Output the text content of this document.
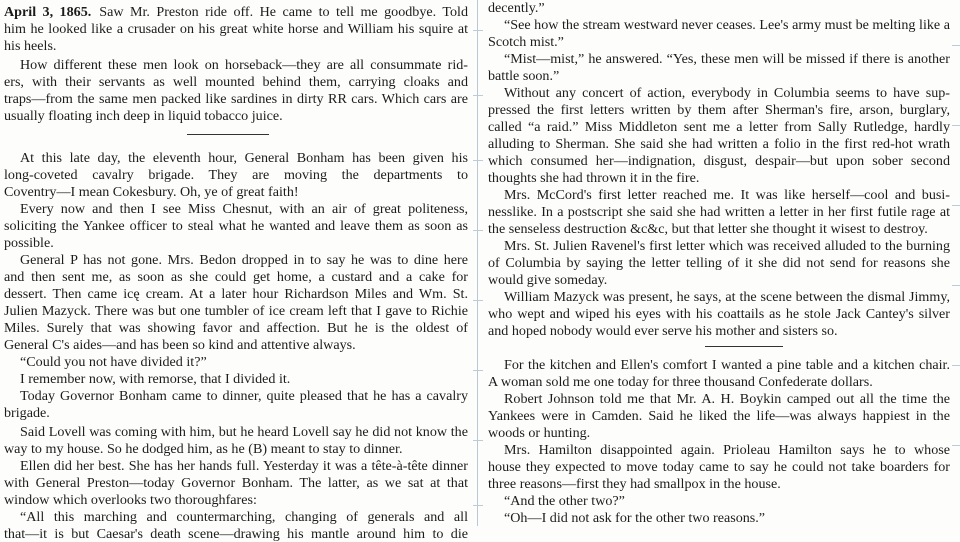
April 3, 1865. Saw Mr. Preston ride off. He came to tell me goodbye. Told
him he looked like a crusader on his great white horse and William his squire at
his heels.
How different these men look on horseback—they are all consummate rid-
ers, with their servants as well mounted behind them, carrying cloaks and
traps—from the same men packed like sardines in dirty RR cars. Which cars are
usually floating inch deep in liquid tobacco juice.
At this late day, the eleventh hour, General Bonham has been given his
long-coveted cavalry brigade. They are moving the departments to
Coventry—I mean Cokesbury. Oh, ye of great faith!
Every now and then I see Miss Chesnut, with an air of great politeness,
soliciting the Yankee officer to steal what he wanted and leave them as soon as
possible.
General P has not gone. Mrs. Bedon dropped in to say he was to dine here
and then sent me, as soon as she could get home, a custard and a cake for
dessert. Then came icę cream. At a later hour Richardson Miles and Wm. St.
Julien Mazyck. There was but one tumbler of ice cream left that I gave to Richie
Miles. Surely that was showing favor and affection. But he is the oldest of
General C's aides—and has been so kind and attentive always.
“Could you not have divided it?”
I remember now, with remorse, that I divided it.
Today Governor Bonham came to dinner, quite pleased that he has a cavalry
brigade.
Said Lovell was coming with him, but he heard Lovell say he did not know the
way to my house. So he dodged him, as he (B) meant to stay to dinner.
Ellen did her best. She has her hands full. Yesterday it was a tête-à-tête dinner
with General Preston—today Governor Bonham. The latter, as we sat at that
window which overlooks two thoroughfares:
“All this marching and countermarching, changing of generals and all
that—it is but Caesar's death scene—drawing his mantle around him to die
decently.”
“See how the stream westward never ceases. Lee's army must be melting like a
Scotch mist.”
“Mist—mist,” he answered. “Yes, these men will be missed if there is another
battle soon.”
Without any concert of action, everybody in Columbia seems to have sup-
pressed the first letters written by them after Sherman's fire, arson, burglary,
called “a raid.” Miss Middleton sent me a letter from Sally Rutledge, hardly
alluding to Sherman. She said she had written a folio in the first red-hot wrath
which consumed her—indignation, disgust, despair—but upon sober second
thoughts she had thrown it in the fire.
Mrs. McCord's first letter reached me. It was like herself—cool and busi-
nesslike. In a postscript she said she had written a letter in her first futile rage at
the senseless destruction &c&c, but that letter she thought it wisest to destroy.
Mrs. St. Julien Ravenel's first letter which was received alluded to the burning
of Columbia by saying the letter telling of it she did not send for reasons she
would give someday.
William Mazyck was present, he says, at the scene between the dismal Jimmy,
who wept and wiped his eyes with his coattails as he stole Jack Cantey's silver
and hoped nobody would ever serve his mother and sisters so.
For the kitchen and Ellen's comfort I wanted a pine table and a kitchen chair.
A woman sold me one today for three thousand Confederate dollars.
Robert Johnson told me that Mr. A. H. Boykin camped out all the time the
Yankees were in Camden. Said he liked the life—was always happiest in the
woods or hunting.
Mrs. Hamilton disappointed again. Prioleau Hamilton says he to whose
house they expected to move today came to say he could not take boarders for
three reasons—first they had smallpox in the house.
“And the other two?”
“Oh—I did not ask for the other two reasons.”
